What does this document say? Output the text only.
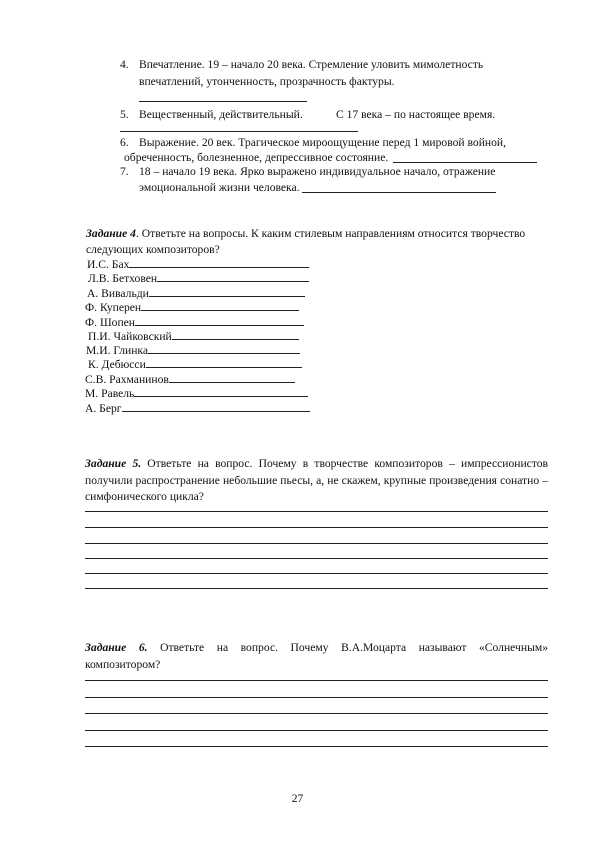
4. Впечатление. 19 – начало 20 века. Стремление уловить мимолетность
впечатлений, утонченность, прозрачность фактуры.
5. Вещественный, действительный.	С 17 века – по настоящее время.
6. Выражение. 20 век. Трагическое мироощущение перед 1 мировой войной,
обреченность, болезненное, депрессивное состояние.
7. 18 – начало 19 века. Ярко выражено индивидуальное начало, отражение
эмоциональной жизни человека.
Задание 4. Ответьте на вопросы. К каким стилевым направлениям относится творчество
следующих композиторов?
И.С. Бах
Л.В. Бетховен
А. Вивальди
Ф. Куперен
Ф. Шопен
П.И. Чайковский
М.И. Глинка
К. Дебюсси
С.В. Рахманинов
М. Равель
А. Берг
Задание 5. Ответьте на вопрос. Почему в творчестве композиторов – импрессионистов получили распространение небольшие пьесы, а, не скажем, крупные произведения сонатно – симфонического цикла?
Задание 6. Ответьте на вопрос. Почему В.А.Моцарта называют «Солнечным» композитором?
27
